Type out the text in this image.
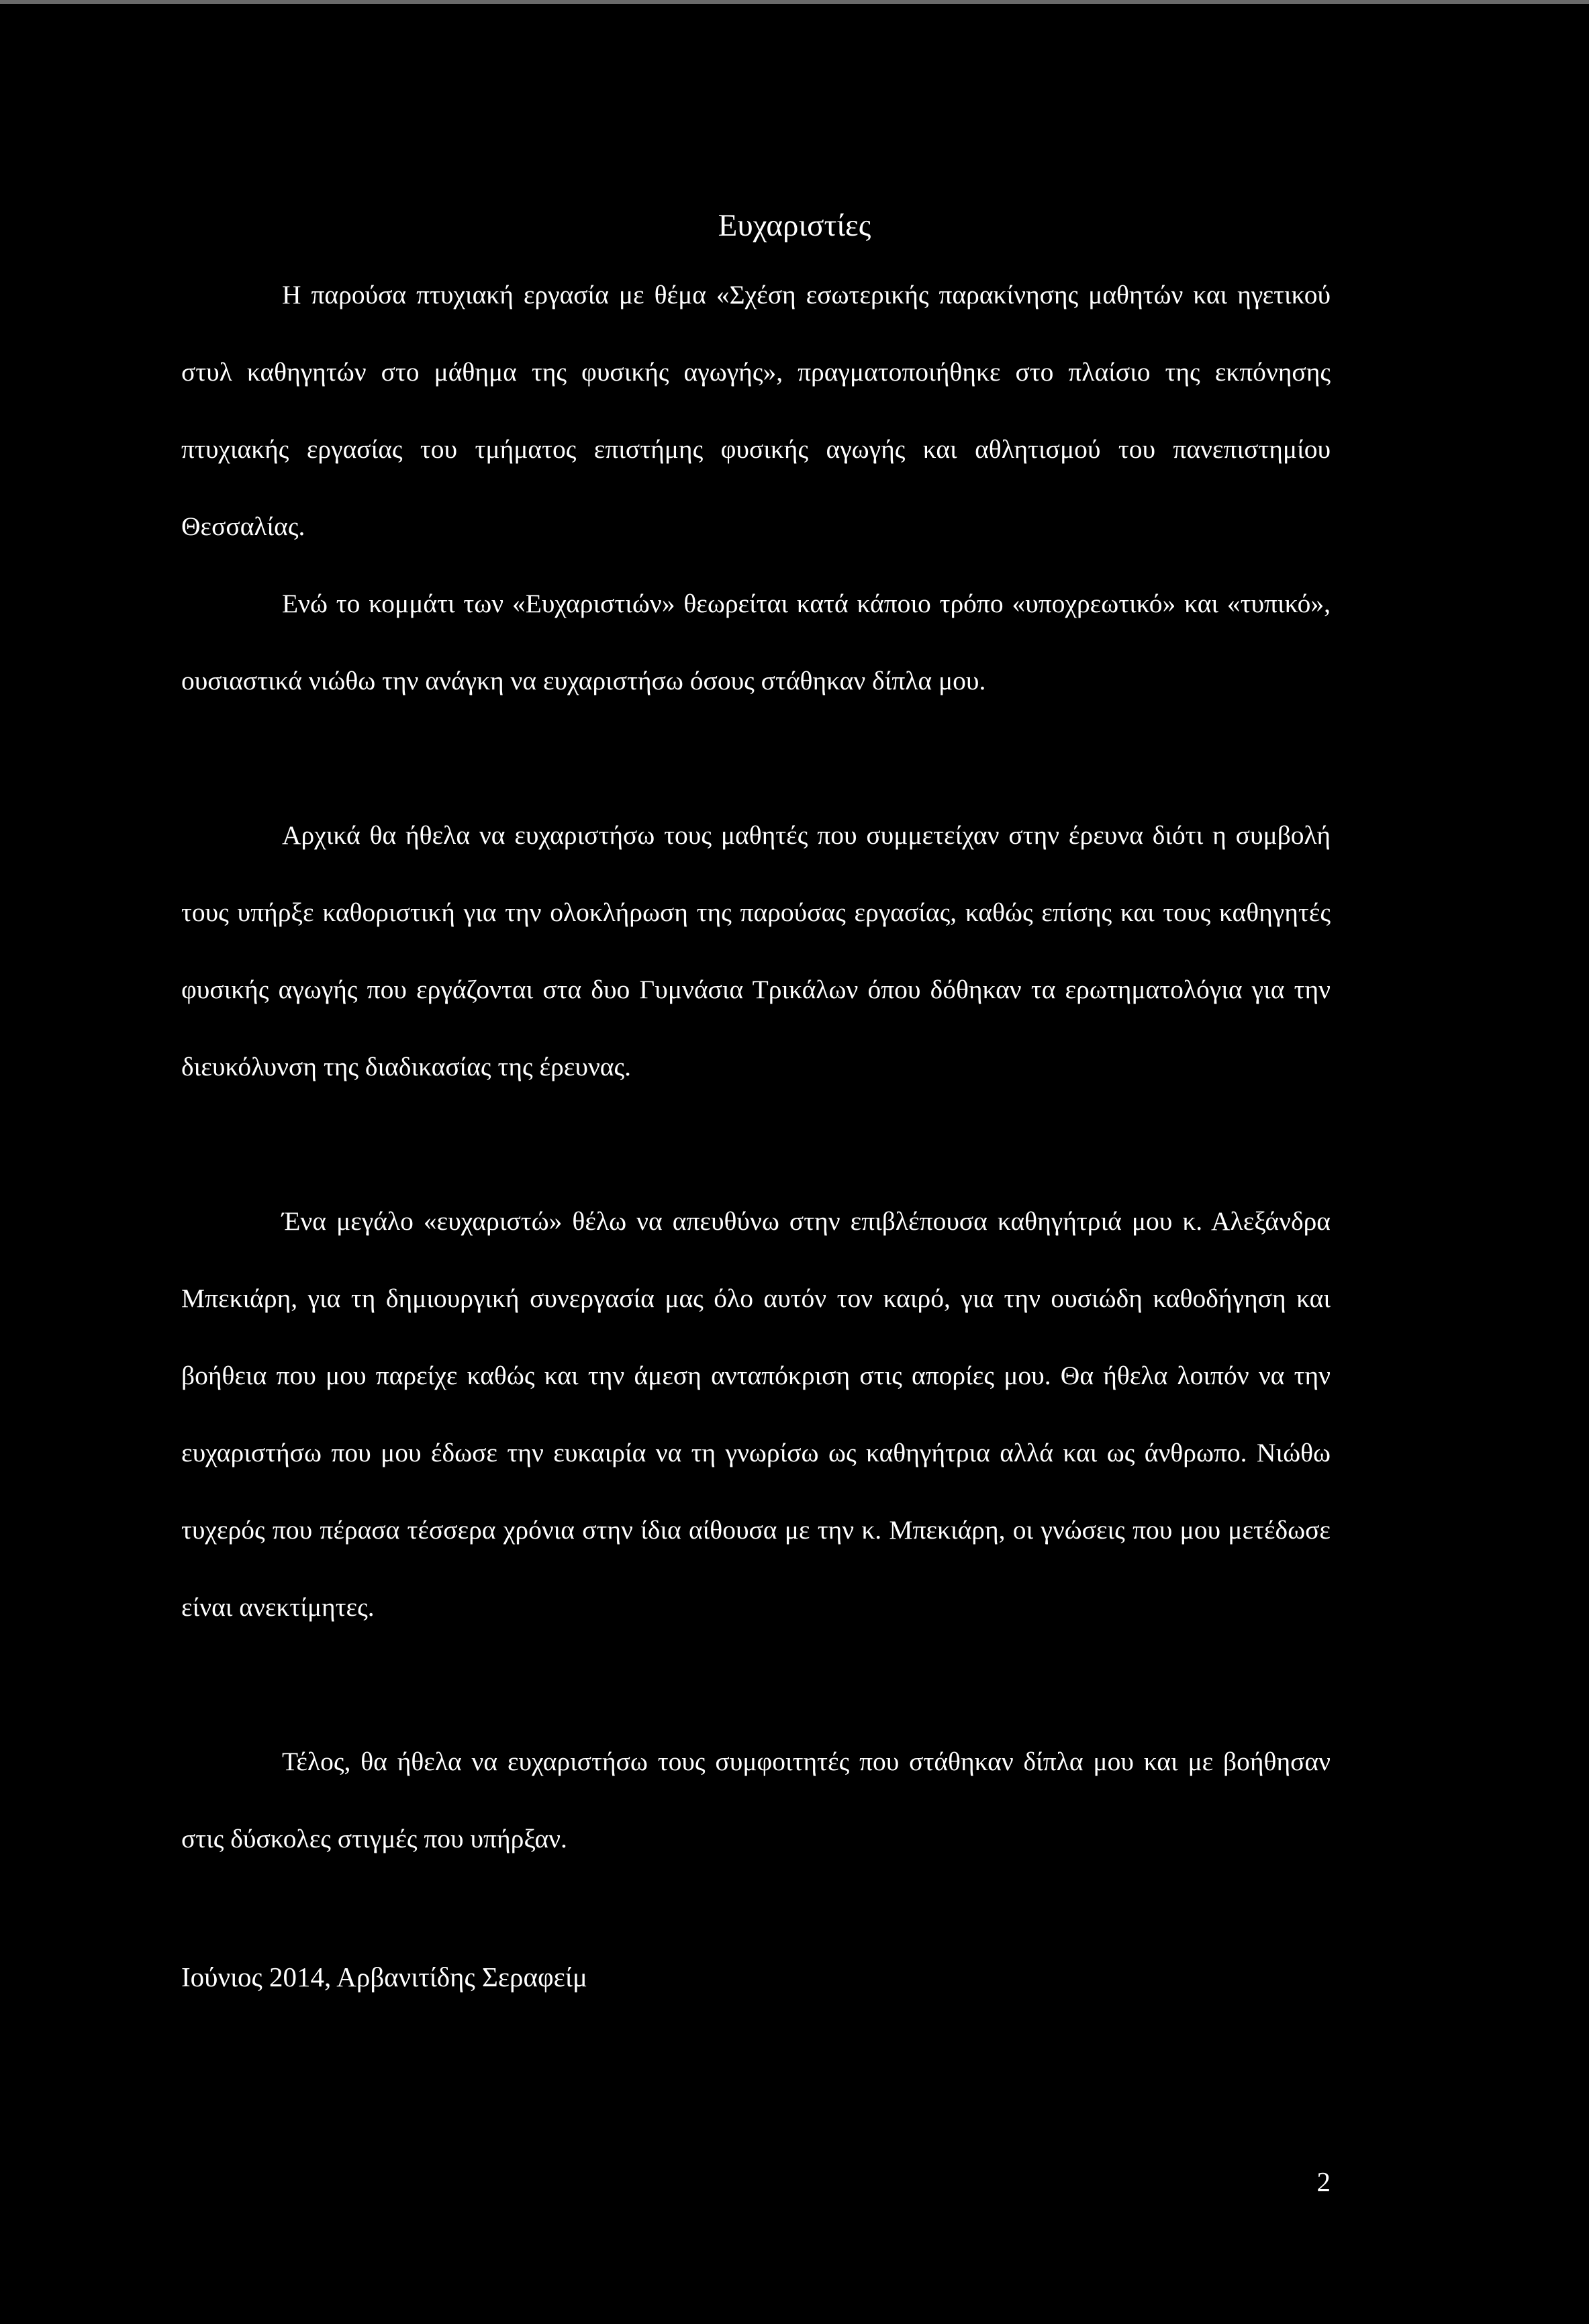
Ευχαριστίες

Η παρούσα πτυχιακή εργασία με θέμα «Σχέση εσωτερικής παρακίνησης μαθητών και ηγετικού στυλ καθηγητών στο μάθημα της φυσικής αγωγής», πραγματοποιήθηκε στο πλαίσιο της εκπόνησης πτυχιακής εργασίας του τμήματος επιστήμης φυσικής αγωγής και αθλητισμού του πανεπιστημίου Θεσσαλίας.

Ενώ το κομμάτι των «Ευχαριστιών» θεωρείται κατά κάποιο τρόπο «υποχρεωτικό» και «τυπικό», ουσιαστικά νιώθω την ανάγκη να ευχαριστήσω όσους στάθηκαν δίπλα μου.

Αρχικά θα ήθελα να ευχαριστήσω τους μαθητές που συμμετείχαν στην έρευνα διότι η συμβολή τους υπήρξε καθοριστική για την ολοκλήρωση της παρούσας εργασίας, καθώς επίσης και τους καθηγητές φυσικής αγωγής που εργάζονται στα δυο Γυμνάσια Τρικάλων όπου δόθηκαν τα ερωτηματολόγια για την διευκόλυνση της διαδικασίας της έρευνας.

Ένα μεγάλο «ευχαριστώ» θέλω να απευθύνω στην επιβλέπουσα καθηγήτριά μου κ. Αλεξάνδρα Μπεκιάρη, για τη δημιουργική συνεργασία μας όλο αυτόν τον καιρό, για την ουσιώδη καθοδήγηση και βοήθεια που μου παρείχε καθώς και την άμεση ανταπόκριση στις απορίες μου. Θα ήθελα λοιπόν να την ευχαριστήσω που μου έδωσε την ευκαιρία να τη γνωρίσω ως καθηγήτρια αλλά και ως άνθρωπο. Νιώθω τυχερός που πέρασα τέσσερα χρόνια στην ίδια αίθουσα με την κ. Μπεκιάρη, οι γνώσεις που μου μετέδωσε είναι ανεκτίμητες.

Τέλος, θα ήθελα να ευχαριστήσω τους συμφοιτητές που στάθηκαν δίπλα μου και με βοήθησαν στις δύσκολες στιγμές που υπήρξαν.

Ιούνιος 2014, Αρβανιτίδης Σεραφείμ
2
